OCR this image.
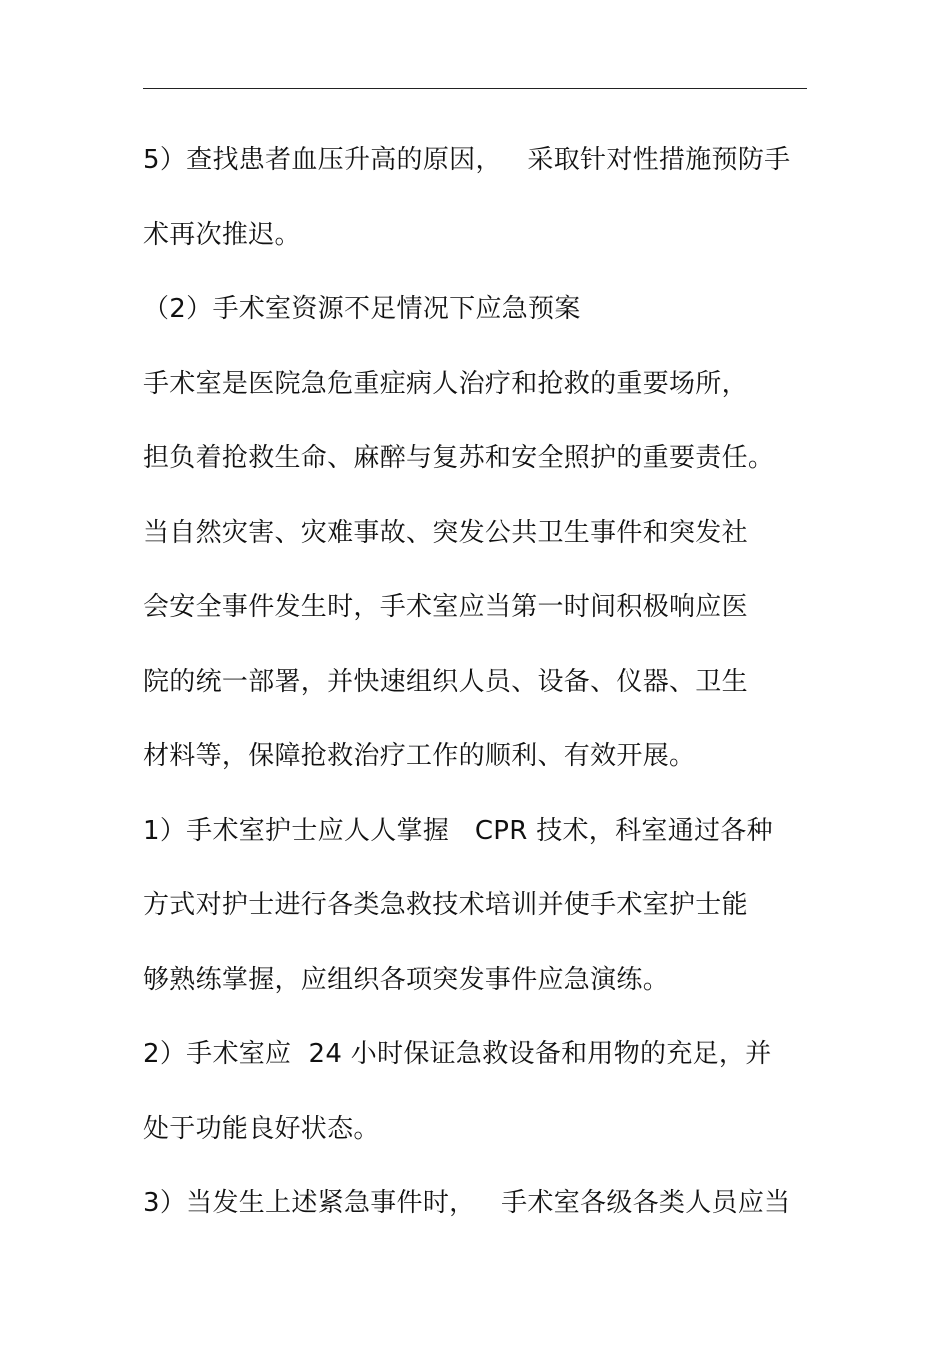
5）查找患者血压升高的原因，   采取针对性措施预防手
术再次推迟。
（2）手术室资源不足情况下应急预案
手术室是医院急危重症病人治疗和抢救的重要场所，
担负着抢救生命、麻醉与复苏和安全照护的重要责任。
当自然灾害、灾难事故、突发公共卫生事件和突发社
会安全事件发生时，手术室应当第一时间积极响应医
院的统一部署，并快速组织人员、设备、仪器、卫生
材料等，保障抢救治疗工作的顺利、有效开展。
1）手术室护士应人人掌握   CPR 技术，科室通过各种
方式对护士进行各类急救技术培训并使手术室护士能
够熟练掌握，应组织各项突发事件应急演练。
2）手术室应  24 小时保证急救设备和用物的充足，并
处于功能良好状态。
3）当发生上述紧急事件时，   手术室各级各类人员应当
